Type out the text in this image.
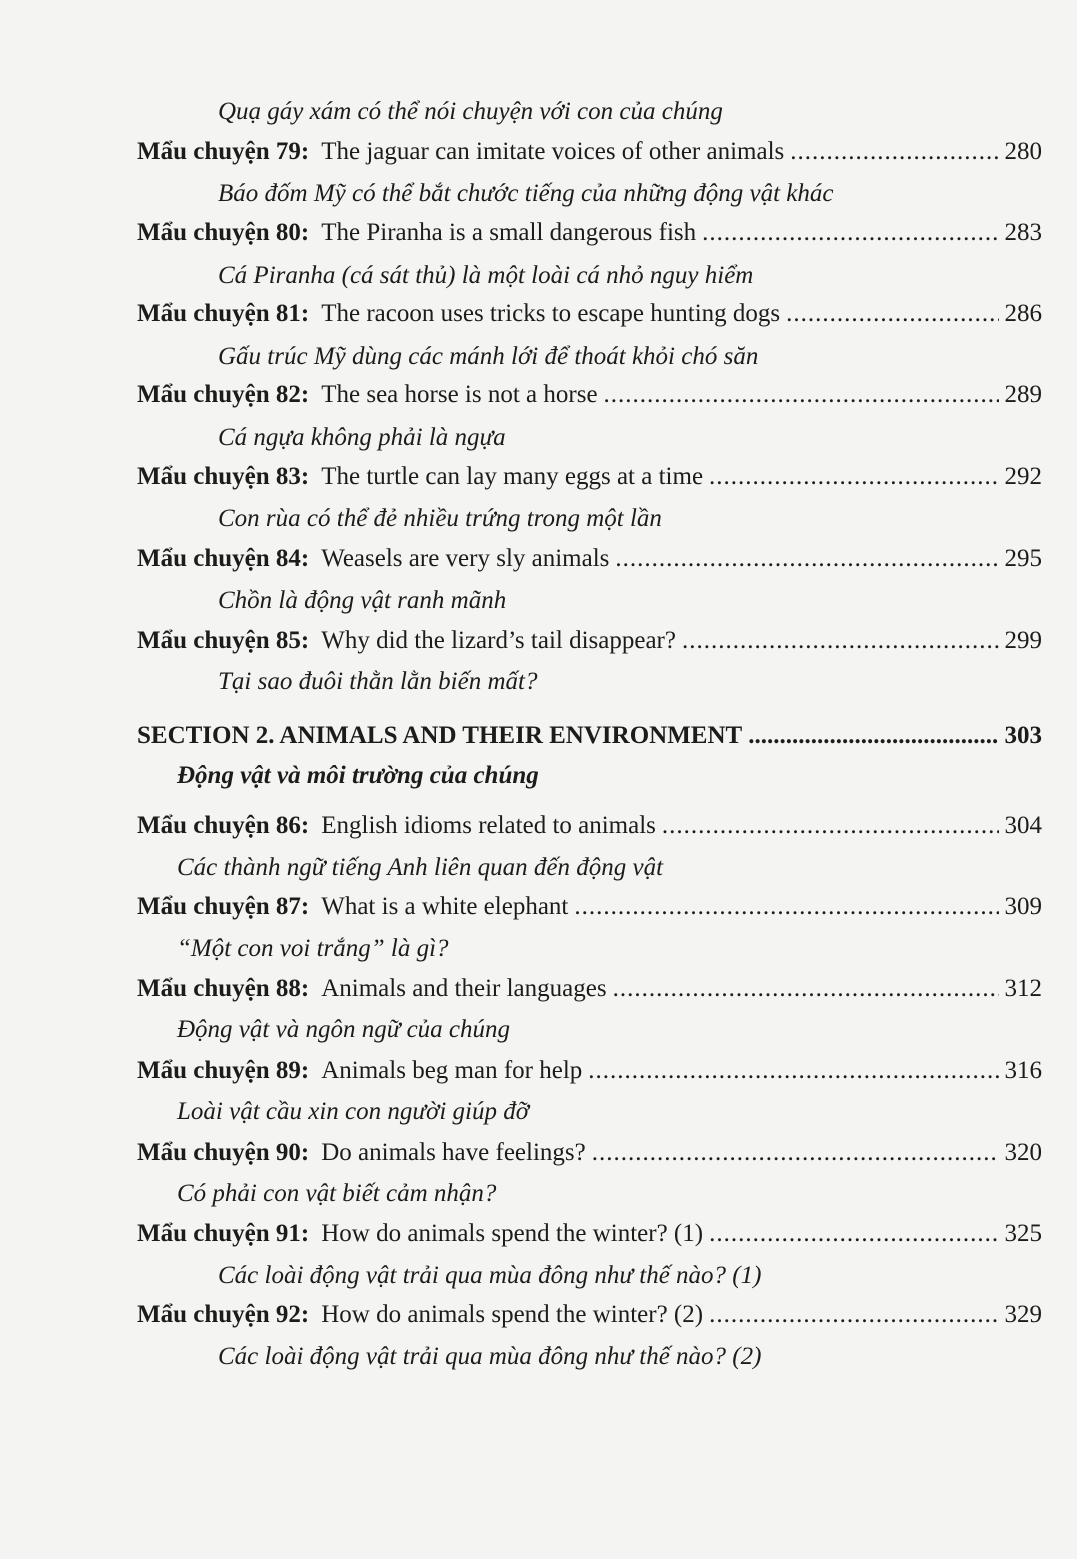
Quạ gáy xám có thể nói chuyện với con của chúng
Mẩu chuyện 79: The jaguar can imitate voices of other animals .....	280
Báo đốm Mỹ có thể bắt chước tiếng của những động vật khác
Mẩu chuyện 80: The Piranha is a small dangerous fish .....	283
Cá Piranha (cá sát thủ) là một loài cá nhỏ nguy hiểm
Mẩu chuyện 81: The racoon uses tricks to escape hunting dogs .....	286
Gấu trúc Mỹ dùng các mánh lới để thoát khỏi chó săn
Mẩu chuyện 82: The sea horse is not a horse .....	289
Cá ngựa không phải là ngựa
Mẩu chuyện 83: The turtle can lay many eggs at a time .....	292
Con rùa có thể đẻ nhiều trứng trong một lần
Mẩu chuyện 84: Weasels are very sly animals .....	295
Chồn là động vật ranh mãnh
Mẩu chuyện 85: Why did the lizard’s tail disappear? .....	299
Tại sao đuôi thằn lằn biến mất?
SECTION 2. ANIMALS AND THEIR ENVIRONMENT .....	303
Động vật và môi trường của chúng
Mẩu chuyện 86: English idioms related to animals .....	304
Các thành ngữ tiếng Anh liên quan đến động vật
Mẩu chuyện 87: What is a white elephant .....	309
“Một con voi trắng” là gì?
Mẩu chuyện 88: Animals and their languages .....	312
Động vật và ngôn ngữ của chúng
Mẩu chuyện 89: Animals beg man for help .....	316
Loài vật cầu xin con người giúp đỡ
Mẩu chuyện 90: Do animals have feelings? .....	320
Có phải con vật biết cảm nhận?
Mẩu chuyện 91: How do animals spend the winter? (1) .....	325
Các loài động vật trải qua mùa đông như thế nào? (1)
Mẩu chuyện 92: How do animals spend the winter? (2) .....	329
Các loài động vật trải qua mùa đông như thế nào? (2)
